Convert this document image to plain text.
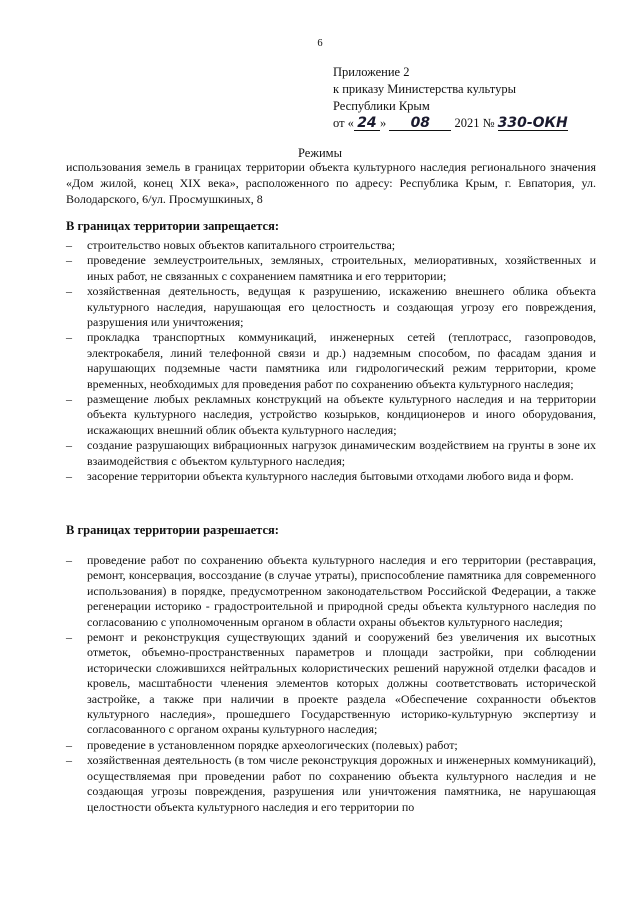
6
Приложение 2
к приказу Министерства культуры
Республики Крым
от « 24 » 08 2021 № 330-ОКН
Режимы
использования земель в границах территории объекта культурного наследия регионального значения «Дом жилой, конец XIX века», расположенного по адресу: Республика Крым, г. Евпатория, ул. Володарского, 6/ул. Просмушкиных, 8
В границах территории запрещается:
– строительство новых объектов капитального строительства;
– проведение землеустроительных, земляных, строительных, мелиоративных, хозяйственных и иных работ, не связанных с сохранением памятника и его территории;
– хозяйственная деятельность, ведущая к разрушению, искажению внешнего облика объекта культурного наследия, нарушающая его целостность и создающая угрозу его повреждения, разрушения или уничтожения;
– прокладка транспортных коммуникаций, инженерных сетей (теплотрасс, газопроводов, электрокабеля, линий телефонной связи и др.) надземным способом, по фасадам здания и нарушающих подземные части памятника или гидрологический режим территории, кроме временных, необходимых для проведения работ по сохранению объекта культурного наследия;
– размещение любых рекламных конструкций на объекте культурного наследия и на территории объекта культурного наследия, устройство козырьков, кондиционеров и иного оборудования, искажающих внешний облик объекта культурного наследия;
– создание разрушающих вибрационных нагрузок динамическим воздействием на грунты в зоне их взаимодействия с объектом культурного наследия;
– засорение территории объекта культурного наследия бытовыми отходами любого вида и форм.
В границах территории разрешается:
– проведение работ по сохранению объекта культурного наследия и его территории (реставрация, ремонт, консервация, воссоздание (в случае утраты), приспособление памятника для современного использования) в порядке, предусмотренном законодательством Российской Федерации, а также регенерации историко - градостроительной и природной среды объекта культурного наследия по согласованию с уполномоченным органом в области охраны объектов культурного наследия;
– ремонт и реконструкция существующих зданий и сооружений без увеличения их высотных отметок, объемно-пространственных параметров и площади застройки, при соблюдении исторически сложившихся нейтральных колористических решений наружной отделки фасадов и кровель, масштабности членения элементов которых должны соответствовать исторической застройке, а также при наличии в проекте раздела «Обеспечение сохранности объектов культурного наследия», прошедшего Государственную историко-культурную экспертизу и согласованного с органом охраны культурного наследия;
– проведение в установленном порядке археологических (полевых) работ;
– хозяйственная деятельность (в том числе реконструкция дорожных и инженерных коммуникаций), осуществляемая при проведении работ по сохранению объекта культурного наследия и не создающая угрозы повреждения, разрушения или уничтожения памятника, не нарушающая целостности объекта культурного наследия и его территории по
